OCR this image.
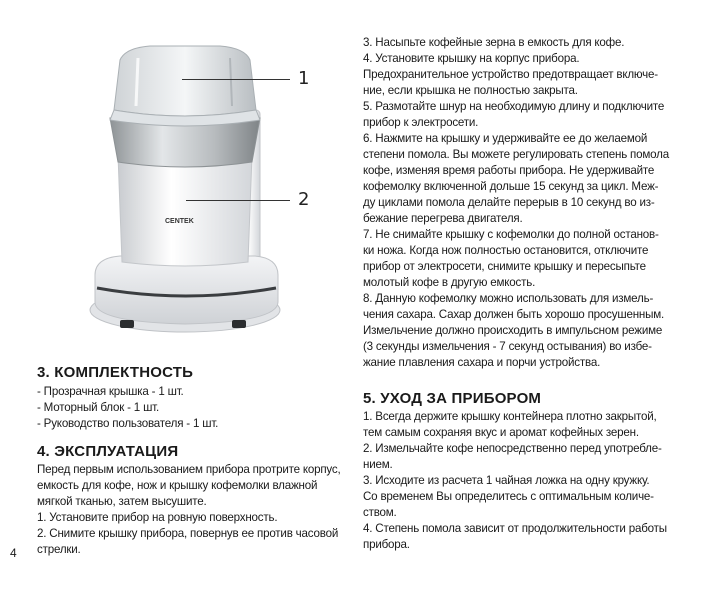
CENTEK
1
2
3. КОМПЛЕКТНОСТЬ

- Прозрачная крышка - 1 шт.

- Моторный блок - 1 шт.

- Руководство пользователя - 1 шт.

4. ЭКСПЛУАТАЦИЯ

Перед первым использованием прибора протрите корпус,

емкость для кофе, нож и крышку кофемолки влажной

мягкой тканью, затем высушите.

1. Установите прибор на ровную поверхность.

2. Снимите крышку прибора, повернув ее против часовой

стрелки.

4

3. Насыпьте кофейные зерна в емкость для кофе.

4. Установите крышку на корпус прибора.

Предохранительное устройство предотвращает включе-

ние, если крышка не полностью закрыта.

5. Размотайте шнур на необходимую длину и подключите

прибор к электросети.

6. Нажмите на крышку и удерживайте ее до желаемой

степени помола. Вы можете регулировать степень помола

кофе, изменяя время работы прибора. Не удерживайте

кофемолку включенной дольше 15 секунд за цикл. Меж-

ду циклами помола делайте перерыв в 10 секунд во из-

бежание перегрева двигателя.

7. Не снимайте крышку с кофемолки до полной останов-

ки ножа. Когда нож полностью остановится, отключите

прибор от электросети, снимите крышку и пересыпьте

молотый кофе в другую емкость.

8. Данную кофемолку можно использовать для измель-

чения сахара. Сахар должен быть хорошо просушенным.

Измельчение должно происходить в импульсном режиме

(3 секунды измельчения - 7 секунд остывания) во избе-

жание плавления сахара и порчи устройства.

5. УХОД ЗА ПРИБОРОМ

1. Всегда держите крышку контейнера плотно закрытой,

тем самым сохраняя вкус и аромат кофейных зерен.

2. Измельчайте кофе непосредственно перед употребле-

нием.

3. Исходите из расчета 1 чайная ложка на одну кружку.

Со временем Вы определитесь с оптимальным количе-

ством.

4. Степень помола зависит от продолжительности работы

прибора.
